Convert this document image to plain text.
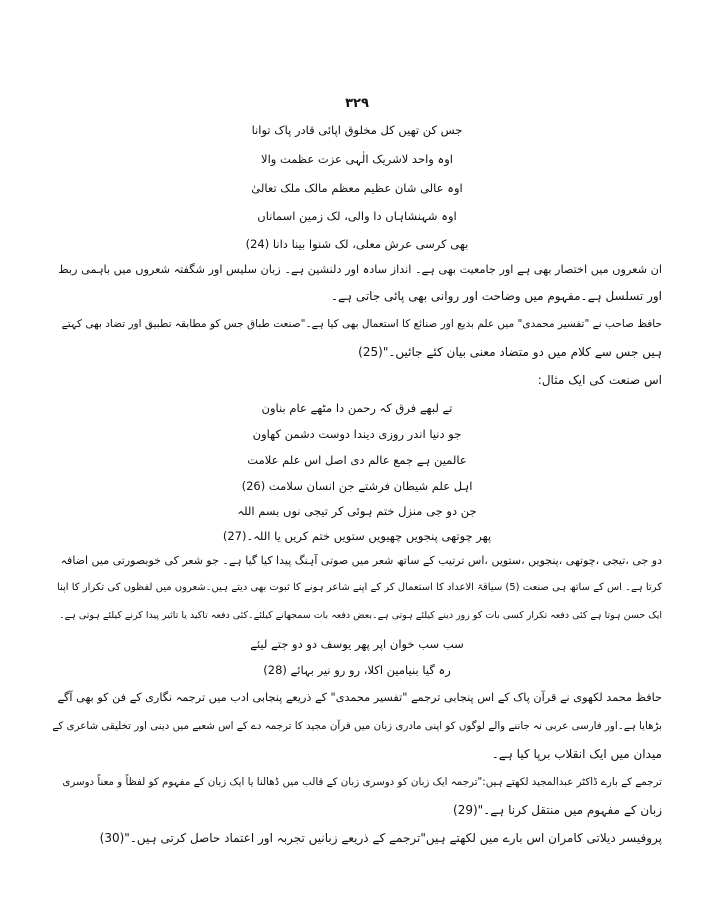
٣٢٩
جس کن تھیں کل مخلوق اپائی قادر پاک توانا
اوہ واحد لاشریک الٰہی عزت عظمت والا
اوہ عالی شان عظیم معظم مالک ملک تعالیٰ
اوہ شہنشاہاں دا والی، لک زمین اسماناں
بھی کرسی عرش معلی، لک شنوا بینا دانا (24)
ان شعروں میں اختصار بھی ہے اور جامعیت بھی ہے۔ انداز سادہ اور دلنشین ہے۔ زبان سلیس اور شگفتہ شعروں میں باہمی ربط
اور تسلسل ہے۔مفہوم میں وضاحت اور روانی بھی پائی جاتی ہے۔
حافظ صاحب نے "تفسیر محمدی" میں علم بدیع اور صنائع کا استعمال بھی کیا ہے۔"صنعت طباق جس کو مطابقہ تطبیق اور تضاد بھی کہتے
ہیں جس سے کلام میں دو متضاد معنی بیان کئے جائیں۔"(25)
اس صنعت کی ایک مثال:
تے لبھے فرق کہ رحمن دا مٹھے عام بناون
جو دنیا اندر روزی دیندا دوست دشمن کھاون
عالمین ہے جمع عالم دی اصل اس علم علامت
اہل علم شیطان فرشتے جن انسان سلامت (26)
جن دو جی منزل ختم ہوئی کر تیجی نوں بسم اللہ
پھر چوتھی پنجویں چھیویں ستویں ختم کریں یا اللہ۔(27)
دو جی ،تیجی ،چوتھی ،پنجویں ،ستویں ،اس ترتیب کے ساتھ شعر میں صوتی آہنگ پیدا کیا گیا ہے۔ جو شعر کی خوبصورتی میں اضافہ
کرتا ہے۔ اس کے ساتھ ہی صنعت (5) سیاقۃ الاعداد کا استعمال کر کے اپنے شاعر ہونے کا ثبوت بھی دیتے ہیں۔شعروں میں لفظوں کی تکرار کا اپنا
ایک حسن ہوتا ہے کئی دفعہ تکرار کسی بات کو زور دینے کیلئے ہوتی ہے۔بعض دفعہ بات سمجھانے کیلئے۔کئی دفعہ تاکید یا تاثیر پیدا کرنے کیلئے ہوتی ہے۔
سب سب خوان اپر پھر یوسف دو دو جتے لیئے
رہ گیا بنیامین اکلا، رو رو نیر بہائے (28)
حافظ محمد لکھوی نے قرآن پاک کے اس پنجابی ترجمے "تفسیر محمدی" کے ذریعے پنجابی ادب میں ترجمہ نگاری کے فن کو بھی آگے
بڑھایا ہے۔اور فارسی عربی نہ جاننے والے لوگوں کو اپنی مادری زبان میں قرآن مجید کا ترجمہ دے کے اس شعبے میں دینی اور تخلیقی شاعری کے
میدان میں ایک انقلاب برپا کیا ہے۔
ترجمے کے بارے ڈاکٹر عبدالمجید لکھتے ہیں:"ترجمہ ایک زبان کو دوسری زبان کے قالب میں ڈھالنا یا ایک زبان کے مفہوم کو لفظاً و معناً دوسری
زبان کے مفہوم میں منتقل کرنا ہے۔"(29)
پروفیسر دیلاتی کامران اس بارے میں لکھتے ہیں"ترجمے کے ذریعے زبانیں تجربہ اور اعتماد حاصل کرتی ہیں۔"(30)
